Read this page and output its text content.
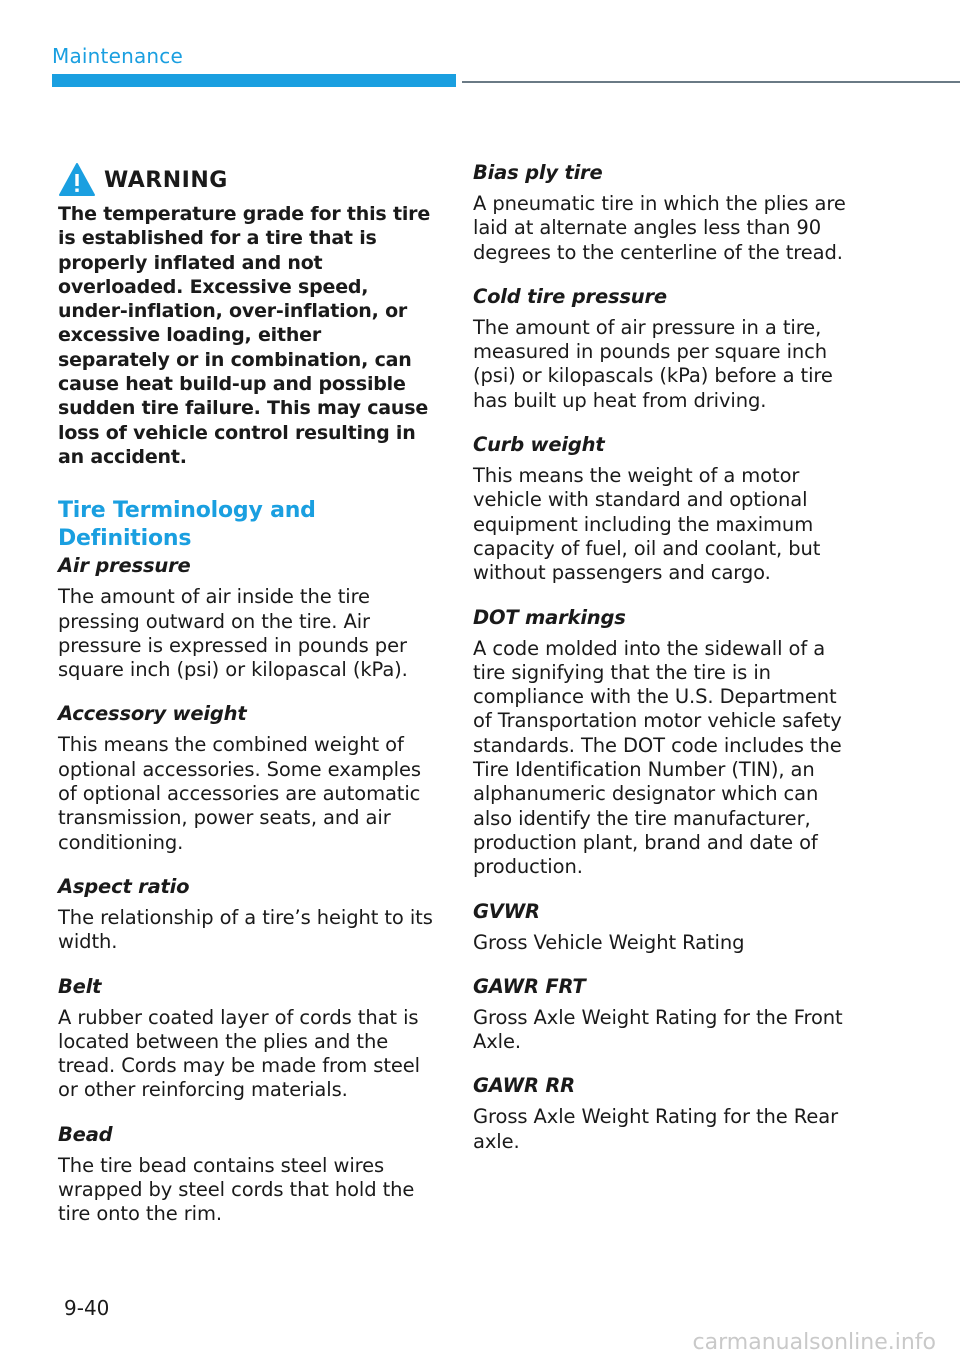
Maintenance
WARNING

The temperature grade for this tire is established for a tire that is properly inflated and not overloaded. Excessive speed, under-inflation, over-inflation, or excessive loading, either separately or in combination, can cause heat build-up and possible sudden tire failure. This may cause loss of vehicle control resulting in an accident.

Tire Terminology and Definitions
Air pressure
The amount of air inside the tire pressing outward on the tire. Air pressure is expressed in pounds per square inch (psi) or kilopascal (kPa).
Accessory weight
This means the combined weight of optional accessories. Some examples of optional accessories are automatic transmission, power seats, and air conditioning.
Aspect ratio
The relationship of a tire’s height to its width.
Belt
A rubber coated layer of cords that is located between the plies and the tread. Cords may be made from steel or other reinforcing materials.
Bead
The tire bead contains steel wires wrapped by steel cords that hold the tire onto the rim.
Bias ply tire
A pneumatic tire in which the plies are laid at alternate angles less than 90 degrees to the centerline of the tread.
Cold tire pressure
The amount of air pressure in a tire, measured in pounds per square inch (psi) or kilopascals (kPa) before a tire has built up heat from driving.
Curb weight
This means the weight of a motor vehicle with standard and optional equipment including the maximum capacity of fuel, oil and coolant, but without passengers and cargo.
DOT markings
A code molded into the sidewall of a tire signifying that the tire is in compliance with the U.S. Department of Transportation motor vehicle safety standards. The DOT code includes the Tire Identification Number (TIN), an alphanumeric designator which can also identify the tire manufacturer, production plant, brand and date of production.
GVWR
Gross Vehicle Weight Rating
GAWR FRT
Gross Axle Weight Rating for the Front Axle.
GAWR RR
Gross Axle Weight Rating for the Rear axle.
9-40
carmanualsonline.info
